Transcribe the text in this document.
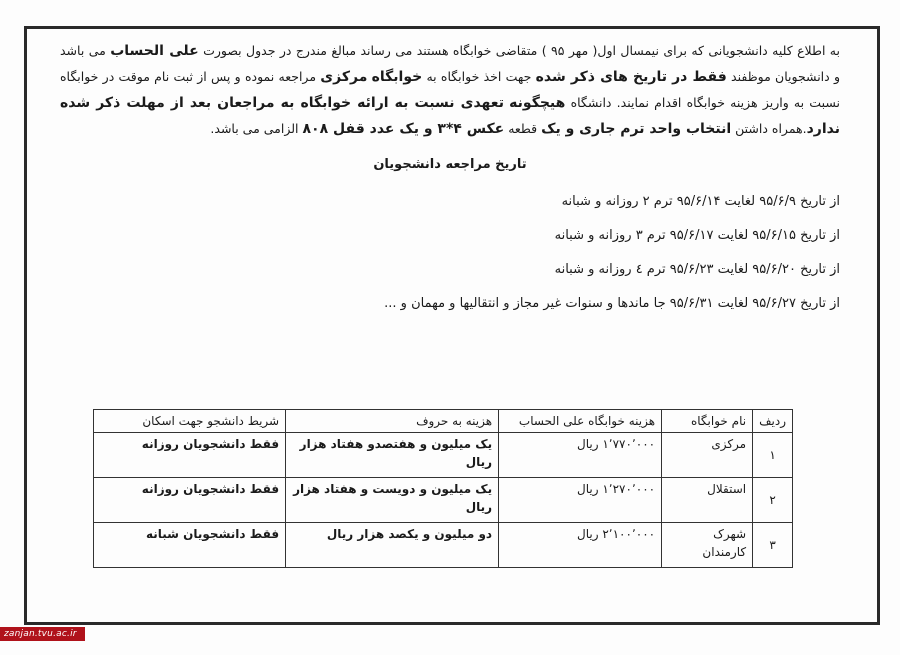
به اطلاع کلیه دانشجویانی که برای نیمسال اول( مهر ۹۵ ) متقاضی خوابگاه هستند می رساند مبالغ مندرج در جدول بصورت علی الحساب می باشد و دانشجویان موظفند فقط در تاریخ های ذکر شده جهت اخذ خوابگاه به خوابگاه مرکزی مراجعه نموده و پس از ثبت نام موقت در خوابگاه نسبت به واریز هزینه خوابگاه اقدام نمایند. دانشگاه هیچگونه تعهدی نسبت به ارائه خوابگاه به مراجعان بعد از مهلت ذکر شده ندارد.همراه داشتن انتخاب واحد ترم جاری و یک قطعه عکس ۴*۳ و یک عدد قفل ۸۰۸ الزامی می باشد.

تاریخ مراجعه دانشجویان
از تاریخ ۹۵/۶/۹ لغایت ۹۵/۶/۱۴ ترم ۲ روزانه و شبانه
از تاریخ ۹۵/۶/۱۵ لغایت ۹۵/۶/۱۷ ترم ۳ روزانه و شبانه
از تاریخ ۹۵/۶/۲۰ لغایت ۹۵/۶/۲۳ ترم ٤ روزانه و شبانه
از تاریخ ۹۵/۶/۲۷ لغایت ۹۵/۶/۳۱ جا ماندها و سنوات غیر مجاز و انتقالیها و مهمان و ...
ردیف	نام خوابگاه	هزینه خوابگاه علی الحساب	هزینه به حروف	شریط دانشجو جهت اسکان
۱	مرکزی	۱٬۷۷۰٬۰۰۰ ریال	یک میلیون و هفتصدو هفتاد هزار ریال	فقط دانشجویان روزانه
۲	استقلال	۱٬۲۷۰٬۰۰۰ ریال	یک میلیون و دویست و هفتاد هزار ریال	فقط دانشجویان روزانه
۳	شهرک کارمندان	۲٬۱۰۰٬۰۰۰ ریال	دو میلیون و یکصد هزار ریال	فقط دانشجویان شبانه
zanjan.tvu.ac.ir
